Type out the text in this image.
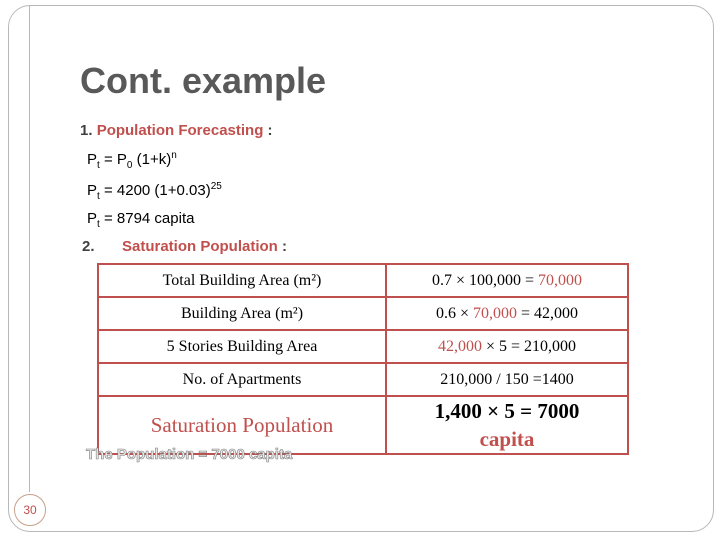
30
Cont. example
1. Population Forecasting :
$P_t = P_0$ $(1+k)^n$
$P_t = 4200$ $(1+0.03)^{25}$
$P_t = 8794$ capita
2. Saturation Population :
Total Building Area (m²)	0.7 × 100,000 = 70,000
Building Area (m²)	0.6 × 70,000 = 42,000
5 Stories Building Area	42,000 × 5 = 210,000
No. of Apartments	210,000 / 150 =1400
Saturation Population	1,400 × 5 = 7000
capita
The Population = 7000 capita
